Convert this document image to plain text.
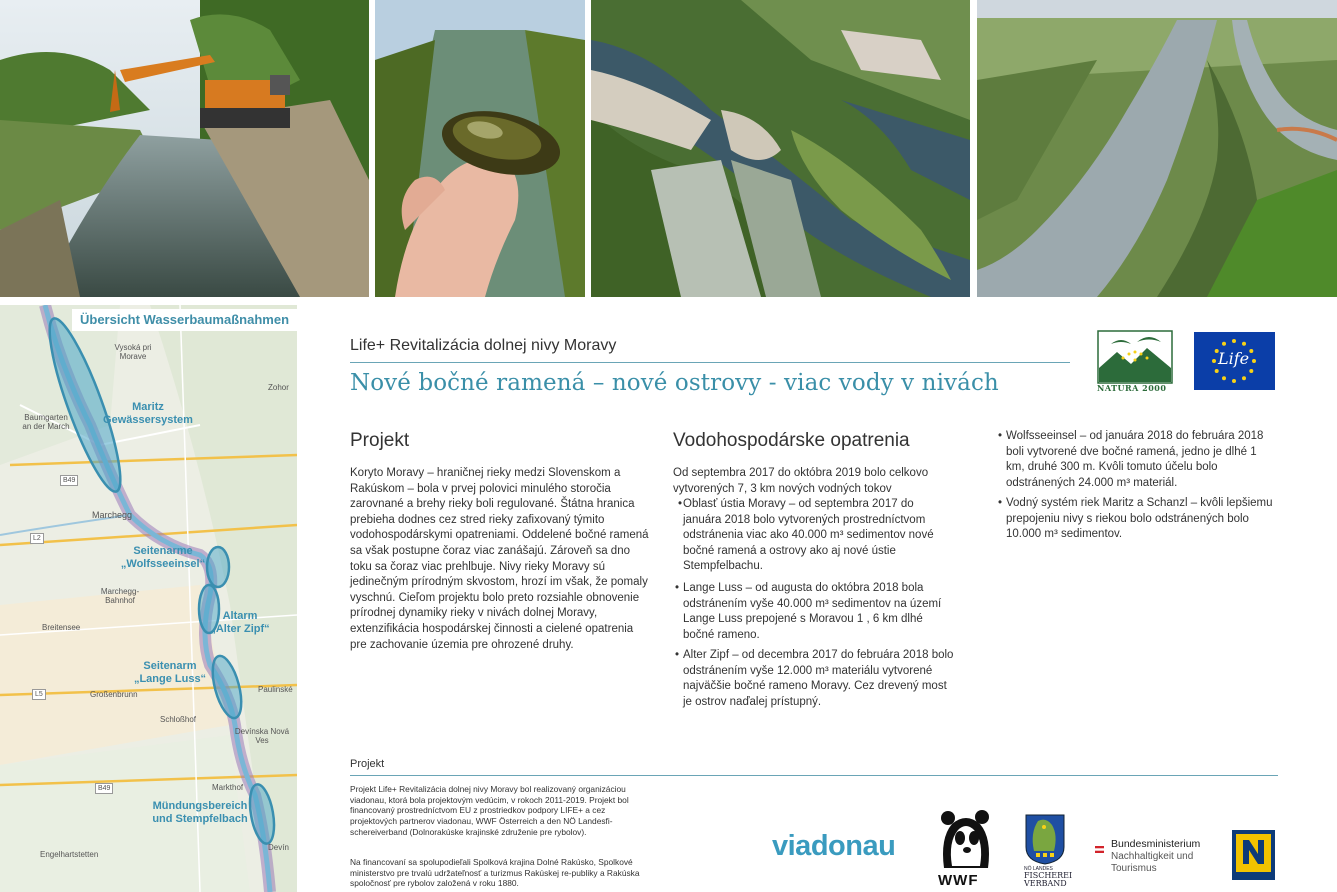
Übersicht Wasserbaumaßnahmen
Vysoká pri
Morave
Zohor
Baumgarten
an der March
Marchegg
Marchegg-
Bahnhof
Breitensee
Großenbrunn
Schloßhof
Paulinské
Devínska Nová
Ves
Markthof
Engelhartstetten
Devín
B49
L2
L5
B49
Maritz
Gewässersystem
Seitenarme
„Wolfsseeinsel“
Altarm
„Alter Zipf“
Seitenarm
„Lange Luss“
Mündungsbereich
und Stempfelbach
Life+ Revitalizácia dolnej nivy Moravy
Nové bočné ramená – nové ostrovy - viac vody v nivách	NATURA 2000
Life
Projekt

Koryto Moravy – hraničnej rieky medzi Slovenskom a Rakúskom – bola v prvej polovici minulého storočia zarovnané a brehy rieky boli regulované. Štátna hranica prebieha dodnes cez stred rieky zafixovaný týmito vodohospodárskymi opatreniami. Oddelené bočné ramená sa však postupne čoraz viac zanášajú. Zároveň sa dno toku sa čoraz viac prehlbuje. Nivy rieky Moravy sú jedinečným prírodným skvostom, hrozí im však, že pomaly vyschnú. Cieľom projektu bolo preto rozsiahle obnovenie prírodnej dynamiky rieky v nivách dolnej Moravy, extenzifikácia hospodárskej činnosti a cielené opatrenia pre zachovanie územia pre ohrozené druhy.

Vodohospodárske opatrenia
Od septembra 2017 do októbra 2019 bolo celkovo vytvorených 7, 3 km nových vodných tokov
• Oblasť ústia Moravy – od septembra 2017 do januára 2018 bolo vytvorených prostredníctvom odstránenia viac ako 40.000 m³ sedimentov nové bočné ramená a ostrovy ako aj nové ústie Stempfelbachu.
• Lange Luss – od augusta do októbra 2018 bola odstránením vyše 40.000 m³ sedimentov na území Lange Luss prepojené s Moravou 1 , 6 km dlhé bočné rameno.
• Alter Zipf – od decembra 2017 do februára 2018 bolo odstránením vyše 12.000 m³ materiálu vytvorené najväčšie bočné rameno Moravy. Cez drevený most je ostrov naďalej prístupný.
• Wolfsseeinsel – od januára 2018 do februára 2018 boli vytvorené dve bočné ramená, jedno je dlhé 1 km, druhé 300 m. Kvôli tomuto účelu bolo odstránených 24.000 m³ materiál.
• Vodný systém riek Maritz a Schanzl – kvôli lepšiemu prepojeniu nivy s riekou bolo odstránených bolo 10.000 m³ sedimentov.
Projekt
Projekt Life+ Revitalizácia dolnej nivy Moravy bol realizovaný organizáciou viadonau, ktorá bola projektovým vedúcim, v rokoch 2011-2019. Projekt bol financovaný prostredníctvom EU z prostriedkov podpory LIFE+ a cez projektových partnerov viadonau, WWF Österreich a den NÖ Landesfi-schereiverband (Dolnorakúske krajinské združenie pre rybolov).
Na financovaní sa spolupodieľali Spolková krajina Dolné Rakúsko, Spolkové ministerstvo pre trvalú udržateľnosť a turizmus Rakúskej re-publiky a Rakúska spoločnosť pre rybolov založená v roku 1880.
viadonau
WWF
NÖ LANDES
FISCHEREI
VERBAND
Bundesministerium
Nachhaltigkeit und
Tourismus
